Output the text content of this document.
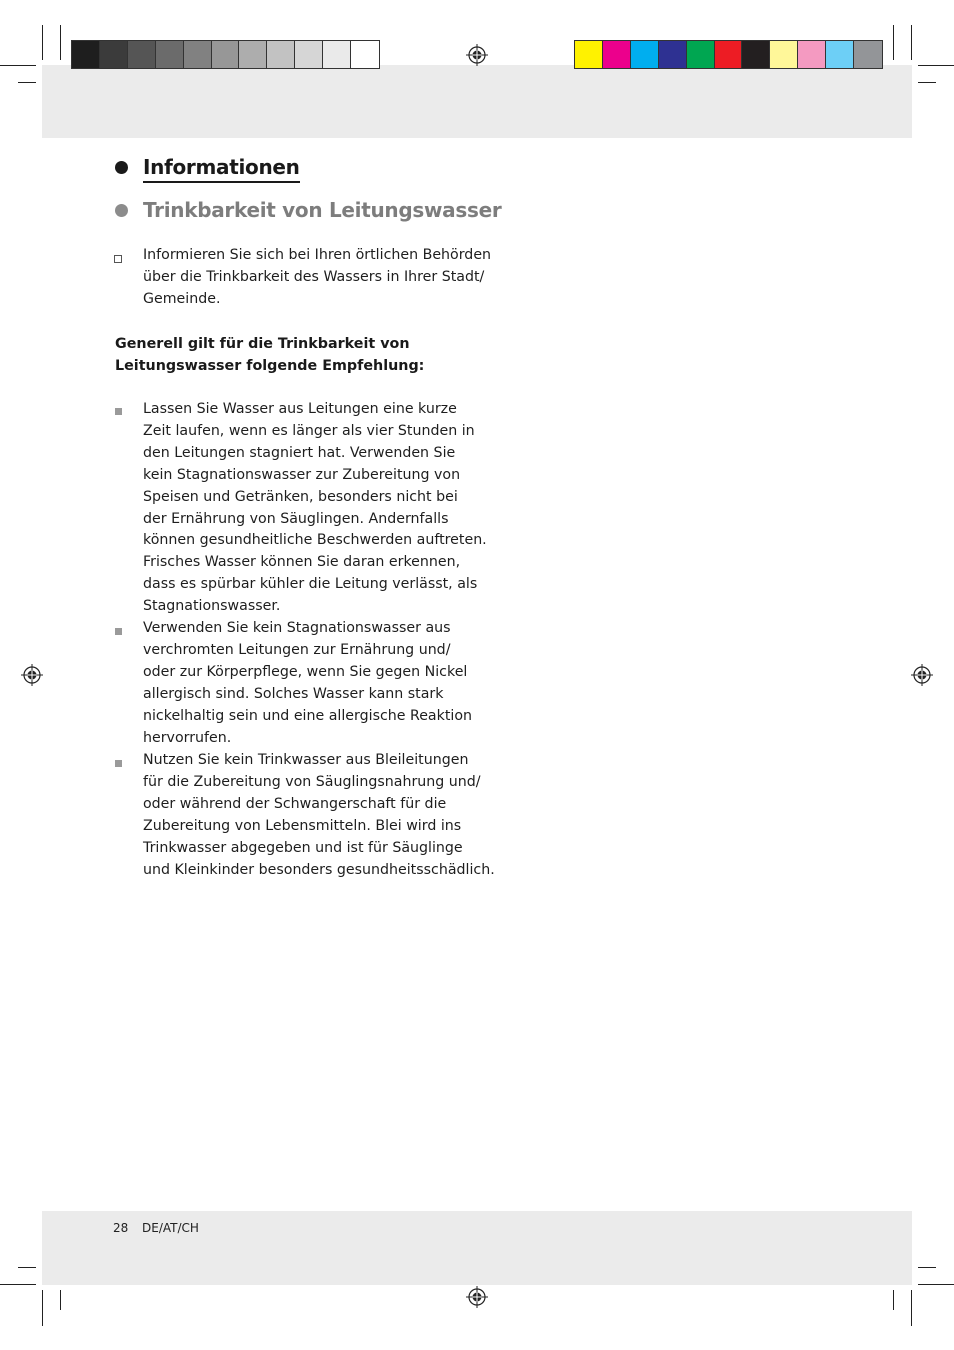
Informationen
Trinkbarkeit von Leitungswasser

Informieren Sie sich bei Ihren örtlichen Behörden
über die Trinkbarkeit des Wassers in Ihrer Stadt/
Gemeinde.

Generell gilt für die Trinkbarkeit von
Leitungswasser folgende Empfehlung:

Lassen Sie Wasser aus Leitungen eine kurze
Zeit laufen, wenn es länger als vier Stunden in
den Leitungen stagniert hat. Verwenden Sie
kein Stagnationswasser zur Zubereitung von
Speisen und Getränken, besonders nicht bei
der Ernährung von Säuglingen. Andernfalls
können gesundheitliche Beschwerden auftreten.
Frisches Wasser können Sie daran erkennen,
dass es spürbar kühler die Leitung verlässt, als
Stagnationswasser.

Verwenden Sie kein Stagnationswasser aus
verchromten Leitungen zur Ernährung und/
oder zur Körperpflege, wenn Sie gegen Nickel
allergisch sind. Solches Wasser kann stark
nickelhaltig sein und eine allergische Reaktion
hervorrufen.

Nutzen Sie kein Trinkwasser aus Bleileitungen
für die Zubereitung von Säuglingsnahrung und/
oder während der Schwangerschaft für die
Zubereitung von Lebensmitteln. Blei wird ins
Trinkwasser abgegeben und ist für Säuglinge
und Kleinkinder besonders gesundheitsschädlich.

28 DE/AT/CH
